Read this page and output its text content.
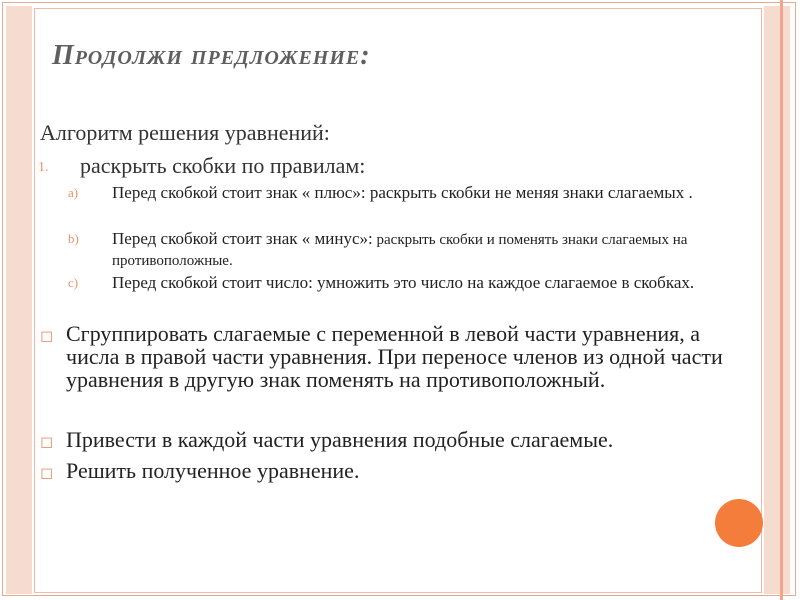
Продолжи предложение:
Алгоритм решения уравнений:
1. раскрыть скобки по правилам:
a) Перед скобкой стоит знак « плюс»: раскрыть скобки не меняя знаки слагаемых .
b) Перед скобкой стоит знак « минус»: раскрыть скобки и поменять знаки слагаемых на противоположные.
c) Перед скобкой стоит число: умножить это число на каждое слагаемое в скобках.
◻ Сгруппировать слагаемые с переменной в левой части уравнения, а числа в правой части уравнения. При переносе членов из одной части уравнения в другую знак поменять на противоположный.
◻ Привести в каждой части уравнения подобные слагаемые.
◻ Решить полученное уравнение.
